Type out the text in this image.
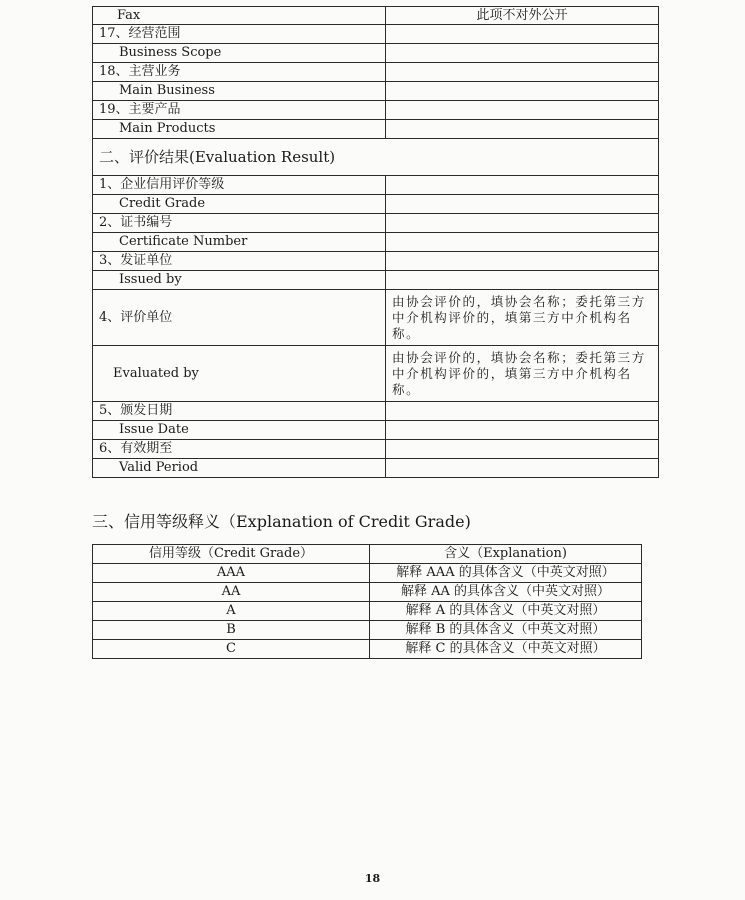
Fax	此项不对外公开
17、经营范围	
Business Scope	
18、主营业务	
Main Business	
19、主要产品	
Main Products	
二、评价结果(Evaluation Result)	
1、企业信用评价等级	
Credit Grade	
2、证书编号	
Certificate Number	
3、发证单位	
Issued by	
4、评价单位	由协会评价的，填协会名称；委托第三方中介机构评价的，填第三方中介机构名称。
Evaluated by	由协会评价的，填协会名称；委托第三方中介机构评价的，填第三方中介机构名称。
5、颁发日期	
Issue Date	
6、有效期至	
Valid Period	
三、信用等级释义（Explanation of Credit Grade)
信用等级（Credit Grade）	含义（Explanation)
AAA	解释 AAA 的具体含义（中英文对照）
AA	解释 AA 的具体含义（中英文对照）
A	解释 A 的具体含义（中英文对照）
B	解释 B 的具体含义（中英文对照）
C	解释 C 的具体含义（中英文对照）
18
